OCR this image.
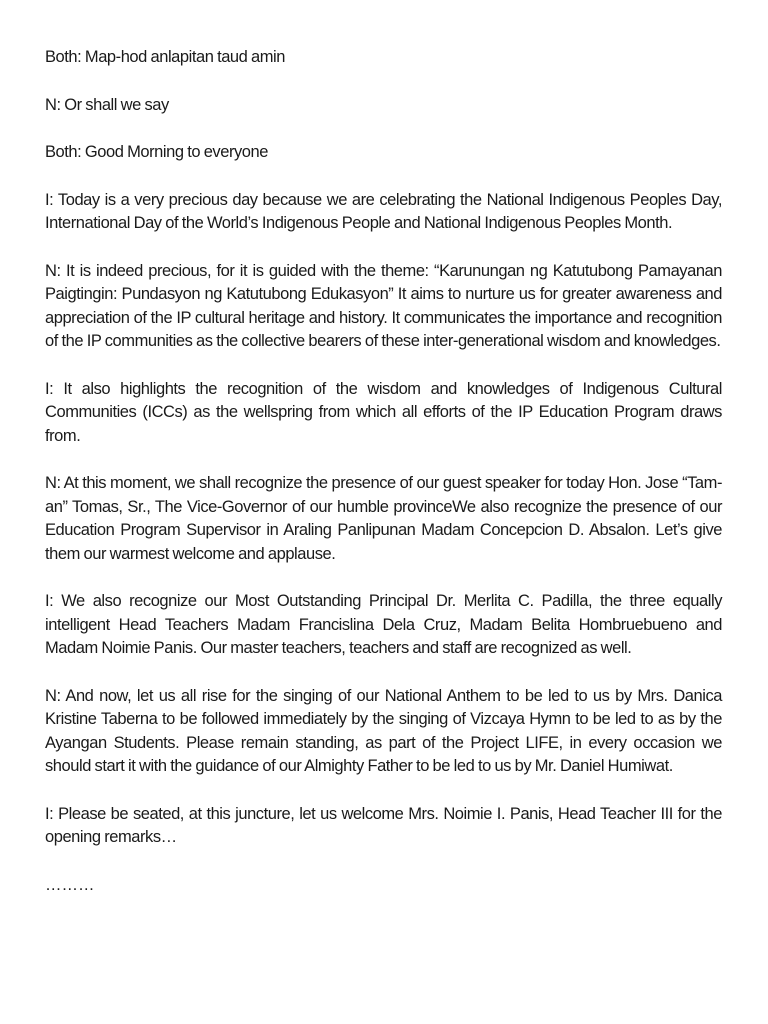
Both: Map-hod anlapitan taud amin

N: Or shall we say

Both: Good Morning to everyone

I: Today is a very precious day because we are celebrating the National Indigenous Peoples Day, International Day of the World’s Indigenous People and National Indigenous Peoples Month.

N: It is indeed precious, for it is guided with the theme: “Karunungan ng Katutubong Pamayanan Paigtingin: Pundasyon ng Katutubong Edukasyon” It aims to nurture us for greater awareness and appreciation of the IP cultural heritage and history. It communicates the importance and recognition of the IP communities as the collective bearers of these inter-generational wisdom and knowledges.

I: It also highlights the recognition of the wisdom and knowledges of Indigenous Cultural Communities (ICCs) as the wellspring from which all efforts of the IP Education Program draws from.

N: At this moment, we shall recognize the presence of our guest speaker for today Hon. Jose “Tam-an” Tomas, Sr., The Vice-Governor of our humble provinceWe also recognize the presence of our Education Program Supervisor in Araling Panlipunan Madam Concepcion D. Absalon. Let’s give them our warmest welcome and applause.

I: We also recognize our Most Outstanding Principal Dr. Merlita C. Padilla, the three equally intelligent Head Teachers Madam Francislina Dela Cruz, Madam Belita Hombruebueno and Madam Noimie Panis. Our master teachers, teachers and staff are recognized as well.

N: And now, let us all rise for the singing of our National Anthem to be led to us by Mrs. Danica Kristine Taberna to be followed immediately by the singing of Vizcaya Hymn to be led to as by the Ayangan Students. Please remain standing, as part of the Project LIFE, in every occasion we should start it with the guidance of our Almighty Father to be led to us by Mr. Daniel Humiwat.

I: Please be seated, at this juncture, let us welcome Mrs. Noimie I. Panis, Head Teacher III for the opening remarks…

………
